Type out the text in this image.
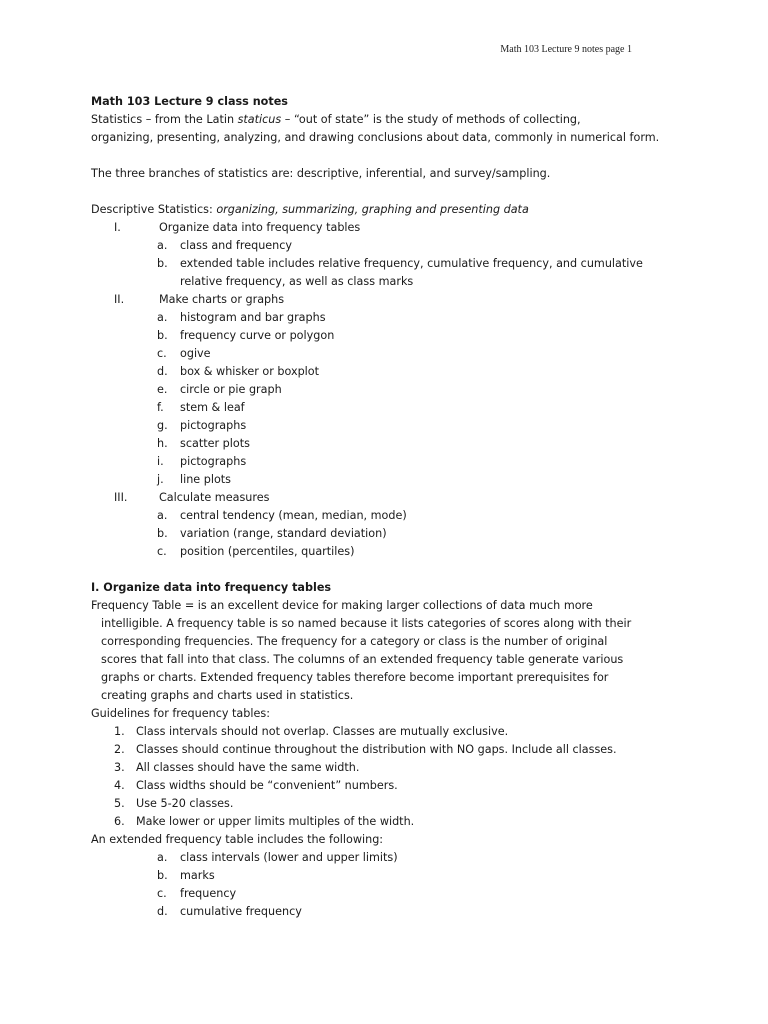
Math 103 Lecture 9 notes page 1
Math 103 Lecture 9 class notes
Statistics – from the Latin staticus – “out of state” is the study of methods of collecting,
organizing, presenting, analyzing, and drawing conclusions about data, commonly in numerical form.
The three branches of statistics are: descriptive, inferential, and survey/sampling.
Descriptive Statistics: organizing, summarizing, graphing and presenting data
I.	Organize data into frequency tables
a.	class and frequency
b.	extended table includes relative frequency, cumulative frequency, and cumulative
relative frequency, as well as class marks
II.	Make charts or graphs
a.	histogram and bar graphs
b.	frequency curve or polygon
c.	ogive
d.	box & whisker or boxplot
e.	circle or pie graph
f.	stem & leaf
g.	pictographs
h.	scatter plots
i.	pictographs
j.	line plots
III.	Calculate measures
a.	central tendency (mean, median, mode)
b.	variation (range, standard deviation)
c.	position (percentiles, quartiles)
I. Organize data into frequency tables
Frequency Table = is an excellent device for making larger collections of data much more
intelligible. A frequency table is so named because it lists categories of scores along with their
corresponding frequencies. The frequency for a category or class is the number of original
scores that fall into that class. The columns of an extended frequency table generate various
graphs or charts. Extended frequency tables therefore become important prerequisites for
creating graphs and charts used in statistics.
Guidelines for frequency tables:
1.	Class intervals should not overlap. Classes are mutually exclusive.
2.	Classes should continue throughout the distribution with NO gaps. Include all classes.
3.	All classes should have the same width.
4.	Class widths should be “convenient” numbers.
5.	Use 5-20 classes.
6.	Make lower or upper limits multiples of the width.
An extended frequency table includes the following:
a.	class intervals (lower and upper limits)
b.	marks
c.	frequency
d.	cumulative frequency
